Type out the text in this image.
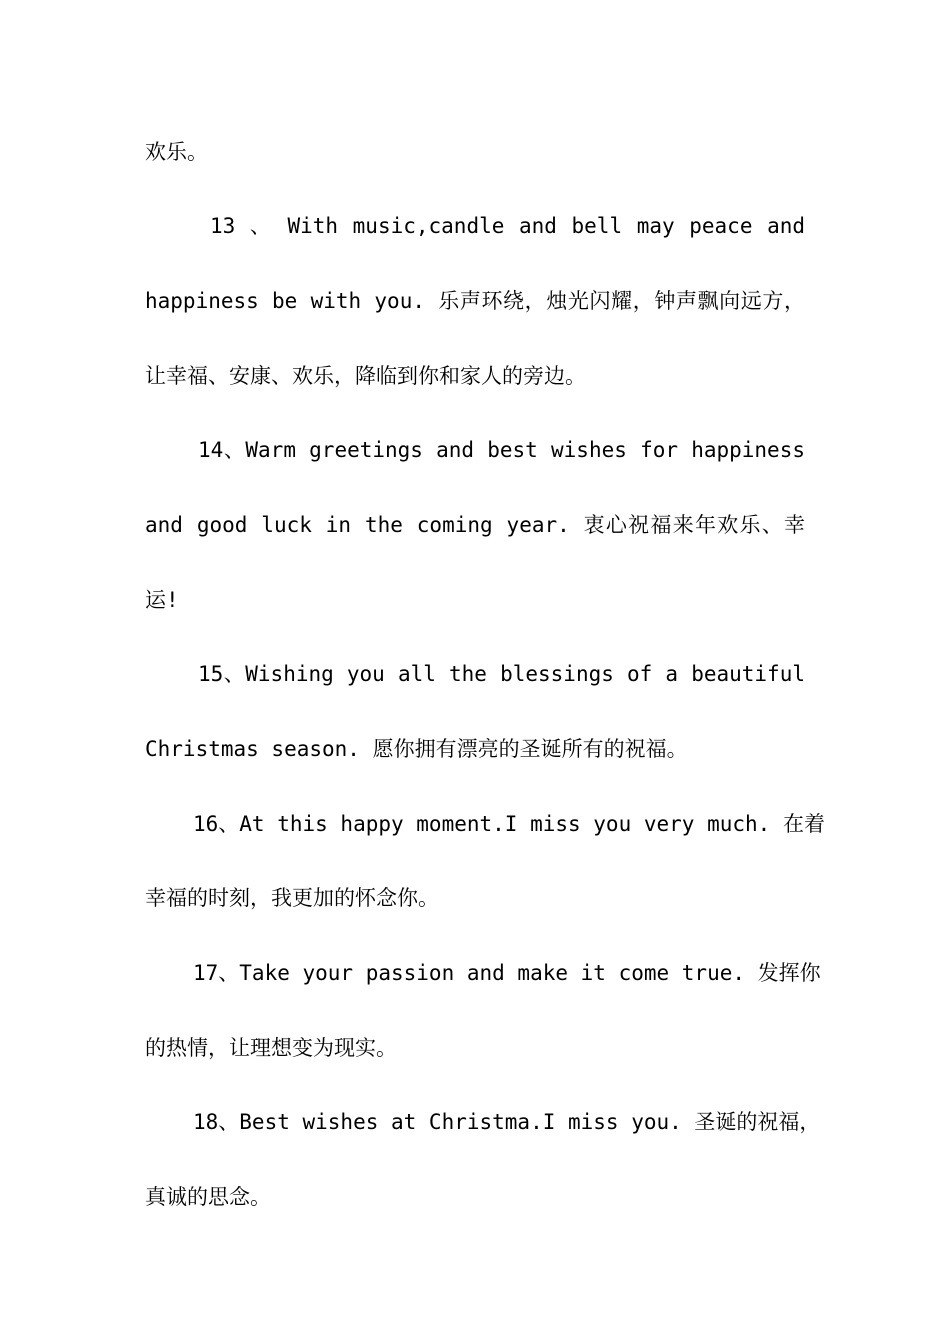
欢乐。
13 、 With music,candle and bell may peace and
happiness be with you. 乐声环绕，烛光闪耀，钟声飘向远方，
让幸福、安康、欢乐，降临到你和家人的旁边。
14、Warm greetings and best wishes for happiness
and good luck in the coming year. 衷心祝福来年欢乐、幸
运!
15、Wishing you all the blessings of a beautiful
Christmas season. 愿你拥有漂亮的圣诞所有的祝福。
16、At this happy moment.I miss you very much. 在着
幸福的时刻，我更加的怀念你。
17、Take your passion and make it come true. 发挥你
的热情，让理想变为现实。
18、Best wishes at Christma.I miss you. 圣诞的祝福，
真诚的思念。
